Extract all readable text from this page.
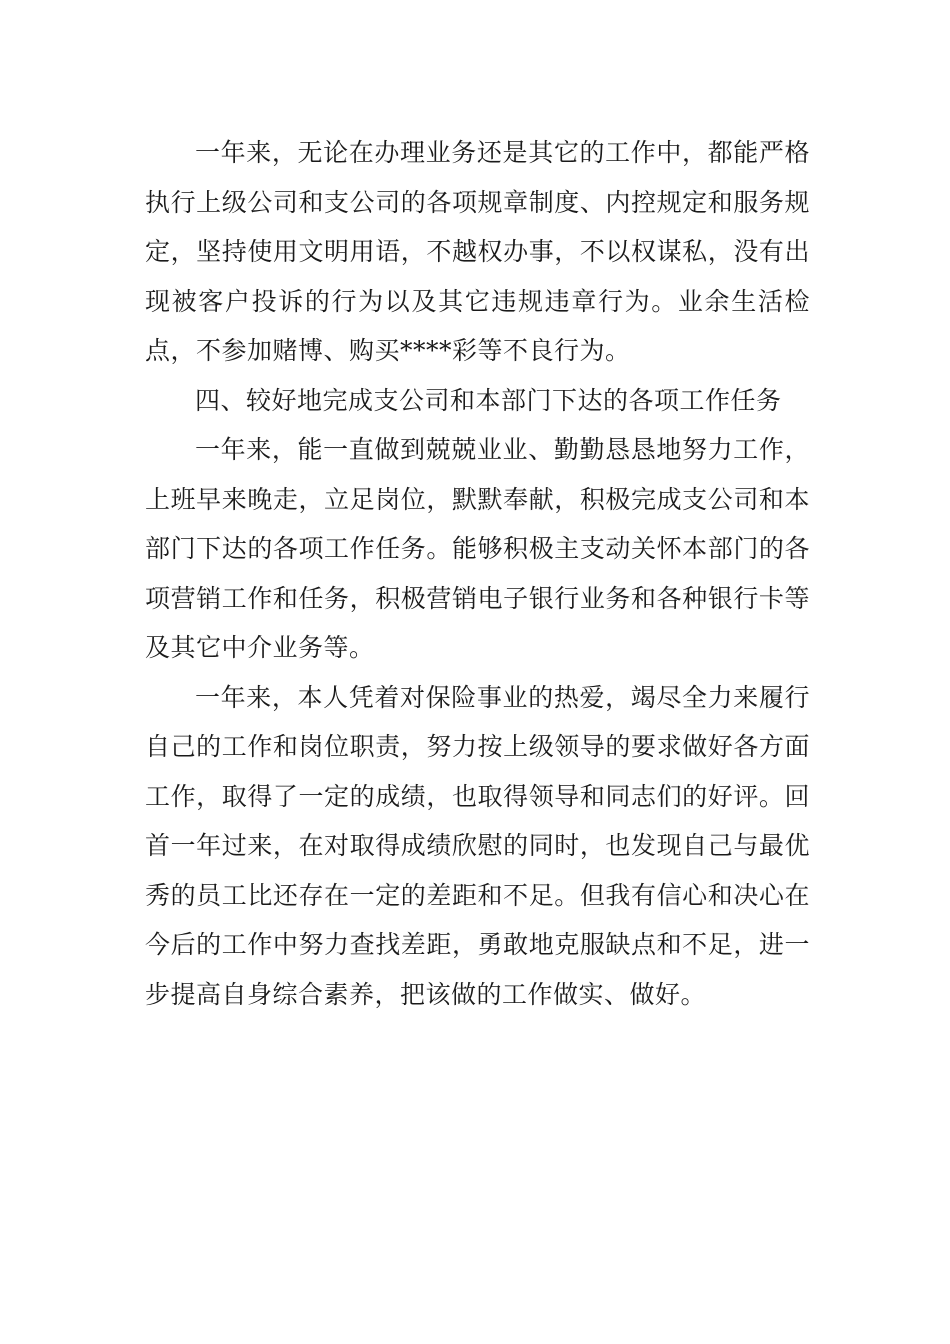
一年来，无论在办理业务还是其它的工作中，都能严格执行上级公司和支公司的各项规章制度、内控规定和服务规定，坚持使用文明用语，不越权办事，不以权谋私，没有出现被客户投诉的行为以及其它违规违章行为。业余生活检点，不参加赌博、购买****彩等不良行为。

四、较好地完成支公司和本部门下达的各项工作任务

一年来，能一直做到兢兢业业、勤勤恳恳地努力工作，上班早来晚走，立足岗位，默默奉献，积极完成支公司和本部门下达的各项工作任务。能够积极主支动关怀本部门的各项营销工作和任务，积极营销电子银行业务和各种银行卡等及其它中介业务等。

一年来，本人凭着对保险事业的热爱，竭尽全力来履行自己的工作和岗位职责，努力按上级领导的要求做好各方面工作，取得了一定的成绩，也取得领导和同志们的好评。回首一年过来，在对取得成绩欣慰的同时，也发现自己与最优秀的员工比还存在一定的差距和不足。但我有信心和决心在今后的工作中努力查找差距，勇敢地克服缺点和不足，进一步提高自身综合素养，把该做的工作做实、做好。
